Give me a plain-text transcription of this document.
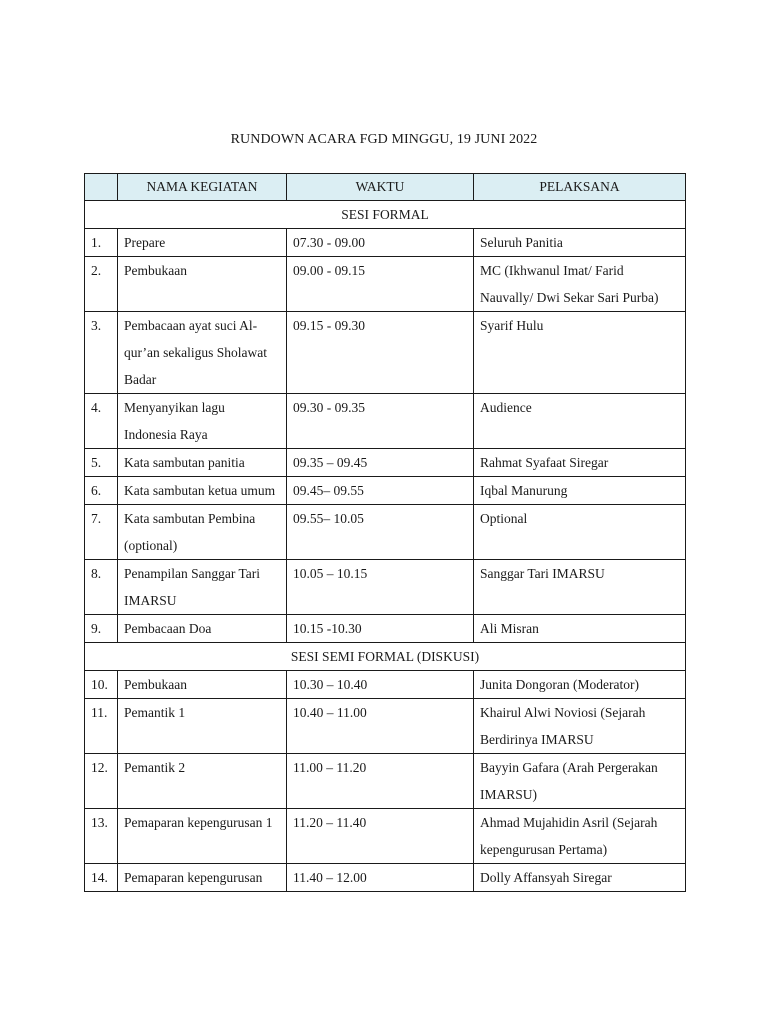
RUNDOWN ACARA FGD MINGGU, 19 JUNI 2022
	NAMA KEGIATAN	WAKTU	PELAKSANA
SESI FORMAL			
1.	Prepare	07.30 - 09.00	Seluruh Panitia
2.	Pembukaan	09.00 - 09.15	MC (Ikhwanul Imat/ Farid Nauvally/ Dwi Sekar Sari Purba)
3.	Pembacaan ayat suci Al-qur’an sekaligus Sholawat Badar	09.15 - 09.30	Syarif Hulu
4.	Menyanyikan lagu Indonesia Raya	09.30 - 09.35	Audience
5.	Kata sambutan panitia	09.35 – 09.45	Rahmat Syafaat Siregar
6.	Kata sambutan ketua umum	09.45– 09.55	Iqbal Manurung
7.	Kata sambutan Pembina (optional)	09.55– 10.05	Optional
8.	Penampilan Sanggar Tari IMARSU	10.05 – 10.15	Sanggar Tari IMARSU
9.	Pembacaan Doa	10.15 -10.30	Ali Misran
SESI SEMI FORMAL (DISKUSI)			
10.	Pembukaan	10.30 – 10.40	Junita Dongoran (Moderator)
11.	Pemantik 1	10.40 – 11.00	Khairul Alwi Noviosi (Sejarah Berdirinya IMARSU
12.	Pemantik 2	11.00 – 11.20	Bayyin Gafara (Arah Pergerakan IMARSU)
13.	Pemaparan kepengurusan 1	11.20 – 11.40	Ahmad Mujahidin Asril (Sejarah kepengurusan Pertama)
14.	Pemaparan kepengurusan	11.40 – 12.00	Dolly Affansyah Siregar
